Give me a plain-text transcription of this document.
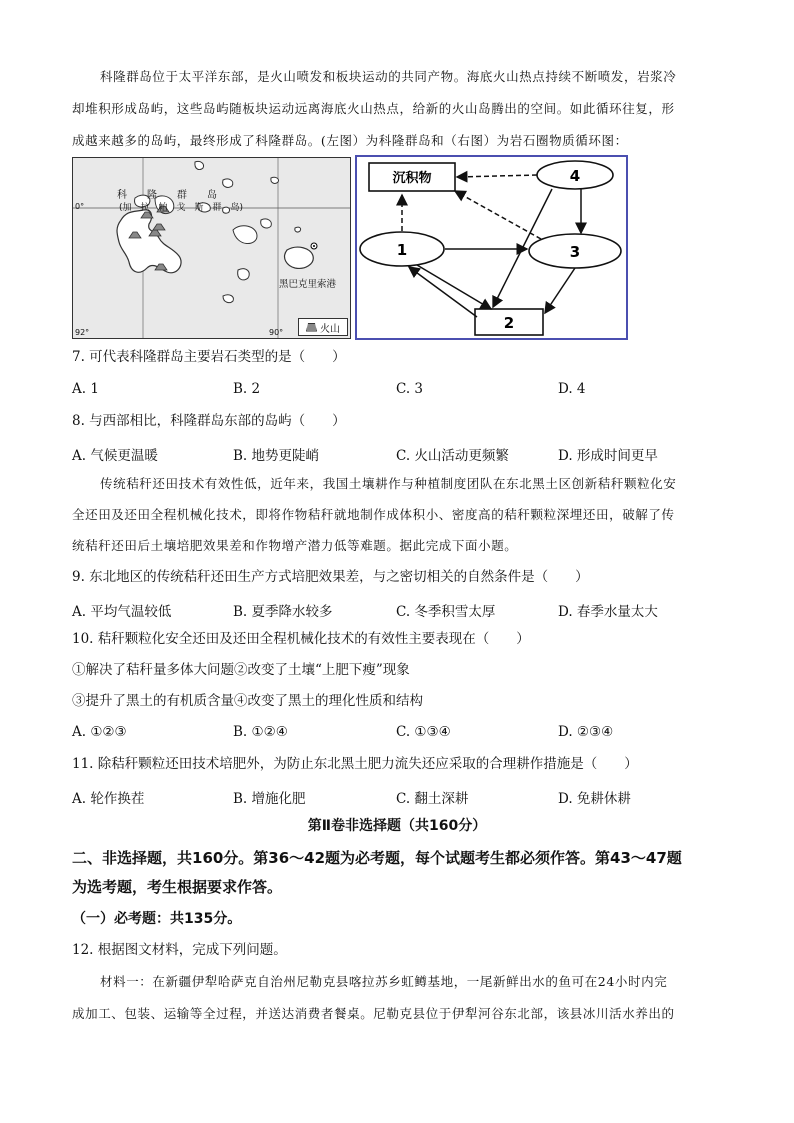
科隆群岛位于太平洋东部，是火山喷发和板块运动的共同产物。海底火山热点持续不断喷发，岩浆冷
却堆积形成岛屿，这些岛屿随板块运动远离海底火山热点，给新的火山岛腾出的空间。如此循环往复，形
成越来越多的岛屿，最终形成了科隆群岛。(左图）为科隆群岛和（右图）为岩石圈物质循环图：
科　　隆　　群　　岛
(加　拉　帕　戈　斯　群　岛)
0°
92°	90°
黑巴克里索港
火山
沉积物	4
1	3
2
7. 可代表科隆群岛主要岩石类型的是（　　）
A. 1	B. 2	C. 3	D. 4
8. 与西部相比，科隆群岛东部的岛屿（　　）
A. 气候更温暖	B. 地势更陡峭	C. 火山活动更频繁	D. 形成时间更早
传统秸秆还田技术有效性低，近年来，我国土壤耕作与种植制度团队在东北黑土区创新秸秆颗粒化安
全还田及还田全程机械化技术，即将作物秸秆就地制作成体积小、密度高的秸秆颗粒深埋还田，破解了传
统秸秆还田后土壤培肥效果差和作物增产潜力低等难题。据此完成下面小题。
9. 东北地区的传统秸秆还田生产方式培肥效果差，与之密切相关的自然条件是（　　）
A. 平均气温较低	B. 夏季降水较多	C. 冬季积雪太厚	D. 春季水量太大
10. 秸秆颗粒化安全还田及还田全程机械化技术的有效性主要表现在（　　）
①解决了秸秆量多体大问题②改变了土壤“上肥下瘦”现象
③提升了黑土的有机质含量④改变了黑土的理化性质和结构
A. ①②③	B. ①②④	C. ①③④	D. ②③④
11. 除秸秆颗粒还田技术培肥外，为防止东北黑土肥力流失还应采取的合理耕作措施是（　　）
A. 轮作换茬	B. 增施化肥	C. 翻土深耕	D. 免耕休耕
第Ⅱ卷非选择题（共160分）
二、非选择题，共160分。第36～42题为必考题，每个试题考生都必须作答。第43～47题
为选考题，考生根据要求作答。
（一）必考题：共135分。
12. 根据图文材料，完成下列问题。
材料一：在新疆伊犁哈萨克自治州尼勒克县喀拉苏乡虹鳟基地，一尾新鲜出水的鱼可在24小时内完
成加工、包装、运输等全过程，并送达消费者餐桌。尼勒克县位于伊犁河谷东北部，该县冰川活水养出的
